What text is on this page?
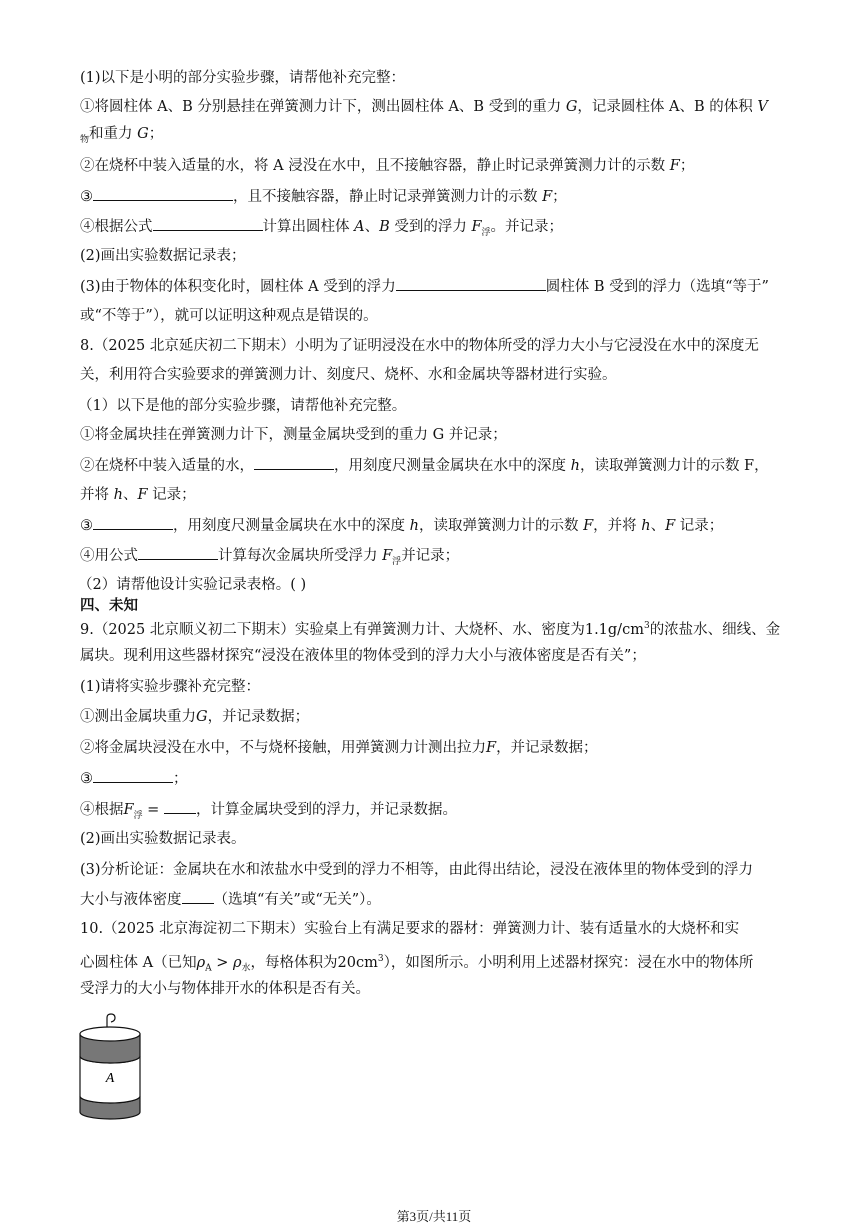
(1)以下是小明的部分实验步骤，请帮他补充完整：
①将圆柱体 A、B 分别悬挂在弹簧测力计下，测出圆柱体 A、B 受到的重力 G，记录圆柱体 A、B 的体积 V
$_物$和重力 G；
②在烧杯中装入适量的水，将 A 浸没在水中，且不接触容器，静止时记录弹簧测力计的示数 F；
③	，且不接触容器，静止时记录弹簧测力计的示数 F；
④根据公式	计算出圆柱体 A、B 受到的浮力 $F_浮$。并记录；
(2)画出实验数据记录表；
(3)由于物体的体积变化时，圆柱体 A 受到的浮力	圆柱体 B 受到的浮力（选填“等于”
或“不等于”），就可以证明这种观点是错误的。
8.（2025 北京延庆初二下期末）小明为了证明浸没在水中的物体所受的浮力大小与它浸没在水中的深度无
关，利用符合实验要求的弹簧测力计、刻度尺、烧杯、水和金属块等器材进行实验。
（1）以下是他的部分实验步骤，请帮他补充完整。
①将金属块挂在弹簧测力计下，测量金属块受到的重力 G 并记录；
②在烧杯中装入适量的水，	，用刻度尺测量金属块在水中的深度 h，读取弹簧测力计的示数 F，
并将 h、F 记录；
③	，用刻度尺测量金属块在水中的深度 h，读取弹簧测力计的示数 F，并将 h、F 记录；
④用公式	计算每次金属块所受浮力 $F_浮$并记录；
（2）请帮他设计实验记录表格。( )
四、未知
9.（2025 北京顺义初二下期末）实验桌上有弹簧测力计、大烧杯、水、密度为$1.1g/cm^3$的浓盐水、细线、金
属块。现利用这些器材探究“浸没在液体里的物体受到的浮力大小与液体密度是否有关”；
(1)请将实验步骤补充完整：
①测出金属块重力G，并记录数据；
②将金属块浸没在水中，不与烧杯接触，用弹簧测力计测出拉力F，并记录数据；
③	；
④根据$F_浮$ = ，计算金属块受到的浮力，并记录数据。
(2)画出实验数据记录表。
(3)分析论证：金属块在水和浓盐水中受到的浮力不相等，由此得出结论，浸没在液体里的物体受到的浮力
大小与液体密度 （选填“有关”或“无关”）。
10.（2025 北京海淀初二下期末）实验台上有满足要求的器材：弹簧测力计、装有适量水的大烧杯和实
心圆柱体 A（已知$\rho_A > \rho_水$，每格体积为$20cm^3$），如图所示。小明利用上述器材探究：浸在水中的物体所
受浮力的大小与物体排开水的体积是否有关。
A
第3页/共11页
